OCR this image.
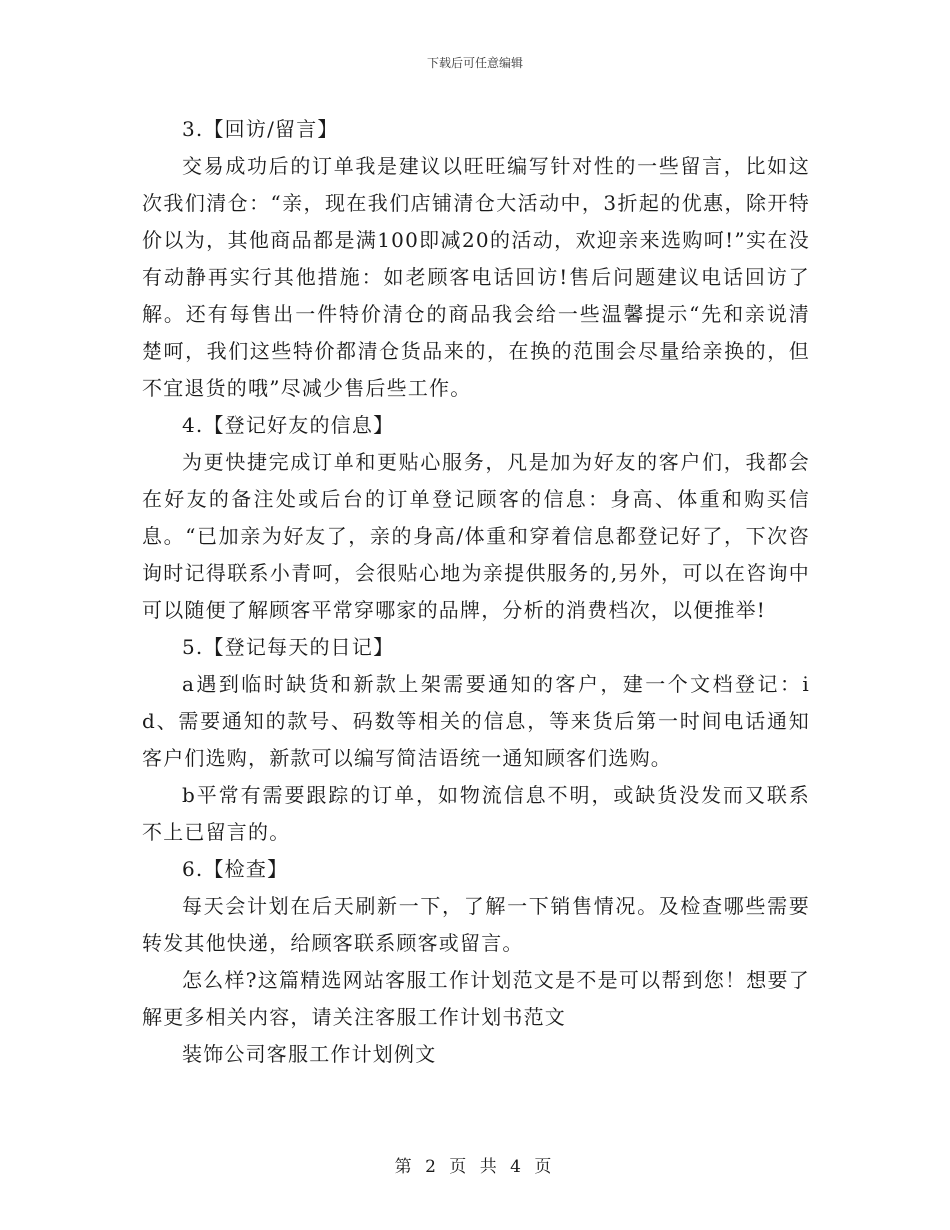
下载后可任意编辑

3.【回访/留言】

交易成功后的订单我是建议以旺旺编写针对性的一些留言，比如这次我们清仓：“亲，现在我们店铺清仓大活动中，3折起的优惠，除开特价以为，其他商品都是满100即减20的活动，欢迎亲来选购呵!”实在没有动静再实行其他措施：如老顾客电话回访!售后问题建议电话回访了解。还有每售出一件特价清仓的商品我会给一些温馨提示“先和亲说清楚呵，我们这些特价都清仓货品来的，在换的范围会尽量给亲换的，但不宜退货的哦”尽减少售后些工作。

4.【登记好友的信息】

为更快捷完成订单和更贴心服务，凡是加为好友的客户们，我都会在好友的备注处或后台的订单登记顾客的信息：身高、体重和购买信息。“已加亲为好友了，亲的身高/体重和穿着信息都登记好了，下次咨询时记得联系小青呵，会很贴心地为亲提供服务的,另外，可以在咨询中可以随便了解顾客平常穿哪家的品牌，分析的消费档次，以便推举!

5.【登记每天的日记】

a遇到临时缺货和新款上架需要通知的客户，建一个文档登记：id、需要通知的款号、码数等相关的信息，等来货后第一时间电话通知客户们选购，新款可以编写简洁语统一通知顾客们选购。

b平常有需要跟踪的订单，如物流信息不明，或缺货没发而又联系不上已留言的。

6.【检查】

每天会计划在后天刷新一下，了解一下销售情况。及检查哪些需要转发其他快递，给顾客联系顾客或留言。

怎么样?这篇精选网站客服工作计划范文是不是可以帮到您！想要了解更多相关内容，请关注客服工作计划书范文

装饰公司客服工作计划例文

第 2 页 共 4 页
